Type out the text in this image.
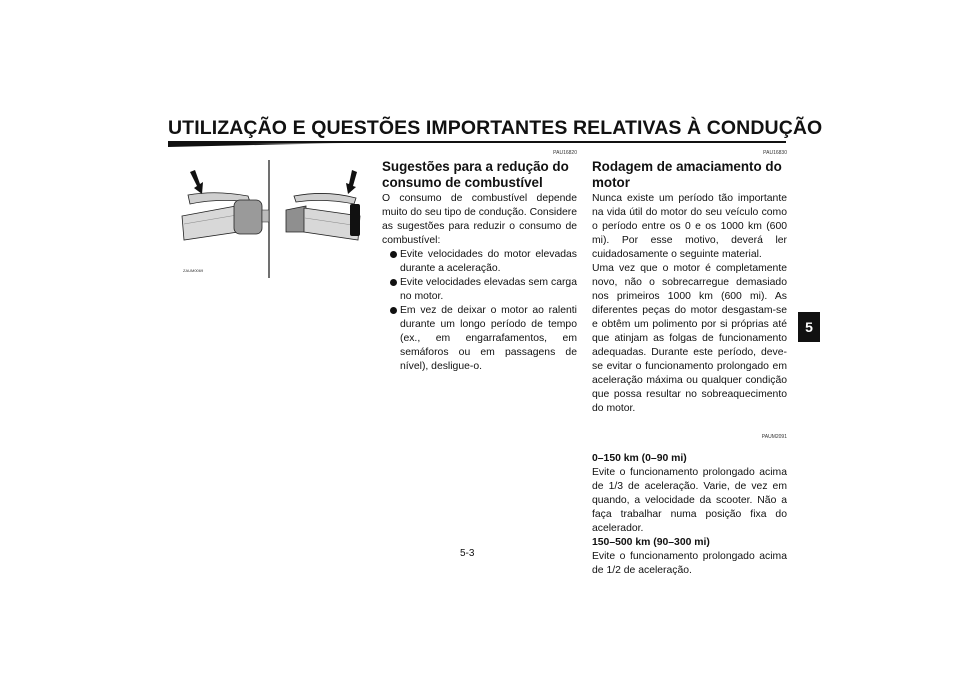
UTILIZAÇÃO E QUESTÕES IMPORTANTES RELATIVAS À CONDUÇÃO
5
ZAUM0069
PAU16820
Sugestões para a redução do consumo de combustível

O consumo de combustível depende muito do seu tipo de condução. Considere as sugestões para reduzir o consumo de combustível:

Evite velocidades do motor elevadas durante a aceleração.
Evite velocidades elevadas sem carga no motor.
Em vez de deixar o motor ao ralenti durante um longo período de tempo (ex., em engarrafamentos, em semáforos ou em passagens de nível), desligue-o.
PAU16830
Rodagem de amaciamento do motor

Nunca existe um período tão importante na vida útil do motor do seu veículo como o período entre os 0 e os 1000 km (600 mi). Por esse motivo, deverá ler cuidadosamente o seguinte material.

Uma vez que o motor é completamente novo, não o sobrecarregue demasiado nos primeiros 1000 km (600 mi). As diferentes peças do motor desgastam-se e obtêm um polimento por si próprias até que atinjam as folgas de funcionamento adequadas. Durante este período, deve-se evitar o funcionamento prolongado em aceleração máxima ou qualquer condição que possa resultar no sobreaquecimento do motor.

PAUM2091
0–150 km (0–90 mi)

Evite o funcionamento prolongado acima de 1/3 de aceleração. Varie, de vez em quando, a velocidade da scooter. Não a faça trabalhar numa posição fixa do acelerador.

150–500 km (90–300 mi)

Evite o funcionamento prolongado acima de 1/2 de aceleração.

5-3
